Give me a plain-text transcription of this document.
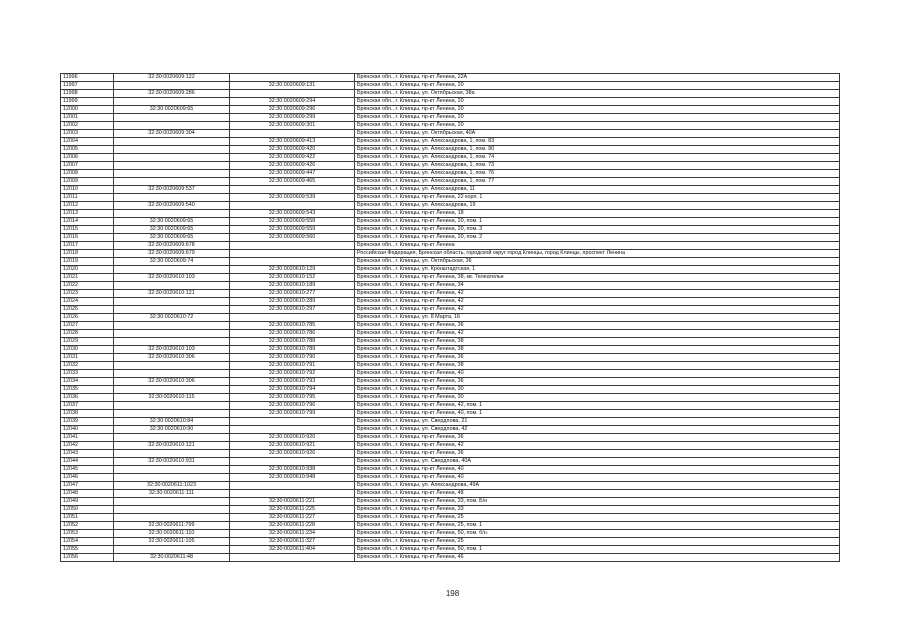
11996	32:30:0020609:122		Брянская обл., г. Клинцы, пр-кт Ленина, 22А
11997		32:30:0020609:131	Брянская обл., г. Клинцы, пр-кт Ленина, 20
11998	32:30:0020609:286		Брянская обл., г. Клинцы, ул. Октябрьская, 38а
11999		32:30:0020609:294	Брянская обл., г. Клинцы, пр-кт Ленина, 20
12000	32:30:0020609:65	32:30:0020609:296	Брянская обл., г. Клинцы, пр-кт Ленина, 20
12001		32:30:0020609:299	Брянская обл., г. Клинцы, пр-кт Ленина, 20
12002		32:30:0020609:301	Брянская обл., г. Клинцы, пр-кт Ленина, 20
12003	32:30:0020609:304		Брянская обл., г. Клинцы, ул. Октябрьская, 40А
12004		32:30:0020609:413	Брянская обл., г. Клинцы, ул. Александрова, 1, пом. 83
12005		32:30:0020609:420	Брянская обл., г. Клинцы, ул. Александрова, 1, пом. 90
12006		32:30:0020609:422	Брянская обл., г. Клинцы, ул. Александрова, 1, пом. 74
12007		32:30:0020609:426	Брянская обл., г. Клинцы, ул. Александрова, 1, пом. 73
12008		32:30:0020609:447	Брянская обл., г. Клинцы, ул. Александрова, 1, пом. 76
12009		32:30:0020609:465	Брянская обл., г. Клинцы, ул. Александрова, 1, пом. 77
12010	32:30:0020609:537		Брянская обл., г. Клинцы, ул. Александрова, 11
12011		32:30:0020609:539	Брянская обл., г. Клинцы, пр-кт Ленина, 22 корп. 1
12012	32:30:0020609:540		Брянская обл., г. Клинцы, ул. Александрова, 19
12013		32:30:0020609:543	Брянская обл., г. Клинцы, пр-кт Ленина, 18
12014	32:30:0020609:65	32:30:0020609:558	Брянская обл., г. Клинцы, пр-кт Ленина, 20, пом. 1
12015	32:30:0020609:65	32:30:0020609:559	Брянская обл., г. Клинцы, пр-кт Ленина, 20, пом. 3
12016	32:30:0020609:65	32:30:0020609:560	Брянская обл., г. Клинцы, пр-кт Ленина, 20, пом. 2
12017	32:30:0020609:678		Брянская обл., г. Клинцы, пр-кт Ленина
12018	32:30:0020609:679		Российская Федерация, Брянская область, городской округ город Клинцы, город Клинцы, проспект Ленина
12019	32:30:0020609:74		Брянская обл., г. Клинцы, ул. Октябрьская, 36
12020		32:30:0020610:129	Брянская обл., г. Клинцы, ул. Кронштадтская, 1
12021	32:30:0020610:103	32:30:0020610:152	Брянская обл., г. Клинцы, пр-кт Ленина, 38, кв. Телеателье
12022		32:30:0020610:189	Брянская обл., г. Клинцы, пр-кт Ленина, 34
12023	32:30:0020610:121	32:30:0020610:277	Брянская обл., г. Клинцы, пр-кт Ленина, 42
12024		32:30:0020610:289	Брянская обл., г. Клинцы, пр-кт Ленина, 42
12025		32:30:0020610:297	Брянская обл., г. Клинцы, пр-кт Ленина, 42
12026	32:30:0020610:72		Брянская обл., г. Клинцы, ул. 8 Марта, 16
12027		32:30:0020610:785	Брянская обл., г. Клинцы, пр-кт Ленина, 36
12028		32:30:0020610:786	Брянская обл., г. Клинцы, пр-кт Ленина, 42
12029		32:30:0020610:788	Брянская обл., г. Клинцы, пр-кт Ленина, 38
12030	32:30:0020610:103	32:30:0020610:789	Брянская обл., г. Клинцы, пр-кт Ленина, 38
12031	32:30:0020610:306	32:30:0020610:790	Брянская обл., г. Клинцы, пр-кт Ленина, 36
12032		32:30:0020610:791	Брянская обл., г. Клинцы, пр-кт Ленина, 38
12033		32:30:0020610:792	Брянская обл., г. Клинцы, пр-кт Ленина, 40
12034	32:30:0020610:306	32:30:0020610:793	Брянская обл., г. Клинцы, пр-кт Ленина, 36
12035		32:30:0020610:794	Брянская обл., г. Клинцы, пр-кт Ленина, 30
12036	32:30:0020610:115	32:30:0020610:795	Брянская обл., г. Клинцы, пр-кт Ленина, 30
12037		32:30:0020610:796	Брянская обл., г. Клинцы, пр-кт Ленина, 42, пом. 1
12038		32:30:0020610:799	Брянская обл., г. Клинцы, пр-кт Ленина, 40, пом. 1
12039	32:30:0020610:84		Брянская обл., г. Клинцы, ул. Свердлова, 21
12040	32:30:0020610:90		Брянская обл., г. Клинцы, ул. Свердлова, 42
12041		32:30:0020610:920	Брянская обл., г. Клинцы, пр-кт Ленина, 36
12042	32:30:0020610:121	32:30:0020610:921	Брянская обл., г. Клинцы, пр-кт Ленина, 42
12043		32:30:0020610:926	Брянская обл., г. Клинцы, пр-кт Ленина, 36
12044	32:30:0020610:931		Брянская обл., г. Клинцы, ул. Свердлова, 40А
12045		32:30:0020610:938	Брянская обл., г. Клинцы, пр-кт Ленина, 40
12046		32:30:0020610:948	Брянская обл., г. Клинцы, пр-кт Ленина, 40
12047	32:30:0020611:1023		Брянская обл., г. Клинцы, ул. Александрова, 49А
12048	32:30:0020611:111		Брянская обл., г. Клинцы, пр-кт Ленина, 48
12049		32:30:0020611:221	Брянская обл., г. Клинцы, пр-кт Ленина, 33, пом. Б/н
12050		32:30:0020611:225	Брянская обл., г. Клинцы, пр-кт Ленина, 33
12051		32:30:0020611:227	Брянская обл., г. Клинцы, пр-кт Ленина, 25
12052	32:30:0020611:799	32:30:0020611:228	Брянская обл., г. Клинцы, пр-кт Ленина, 25, пом. 1
12053	32:30:0020611:110	32:30:0020611:234	Брянская обл., г. Клинцы, пр-кт Ленина, 50, пом. б/н.
12054	32:30:0020611:105	32:30:0020611:327	Брянская обл., г. Клинцы, пр-кт Ленина, 25
12055		32:30:0020611:404	Брянская обл., г. Клинцы, пр-кт Ленина, 50, пом. 1
12056	32:30:0020611:48		Брянская обл., г. Клинцы, пр-кт Ленина, 46
198
